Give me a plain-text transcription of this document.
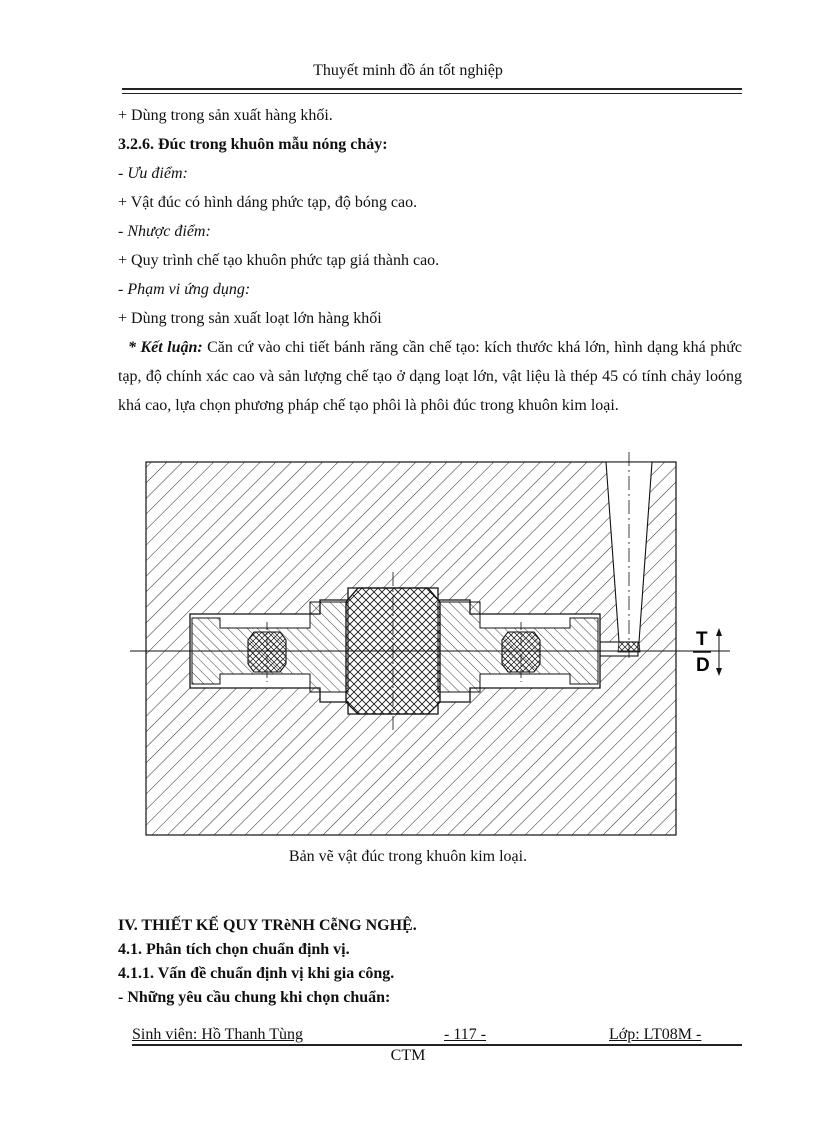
Thuyết minh đồ án tốt nghiệp
+ Dùng trong sản xuất hàng khối.
3.2.6. Đúc trong khuôn mẫu nóng chảy:
- Ưu điểm:
+ Vật đúc có hình dáng phức tạp, độ bóng cao.
- Nhược điểm:
+ Quy trình chế tạo khuôn phức tạp giá thành cao.
- Phạm vi ứng dụng:
+ Dùng trong sản xuất loạt lớn hàng khối
* Kết luận: Căn cứ vào chi tiết bánh răng cần chế tạo: kích thước khá lớn, hình dạng khá phức tạp, độ chính xác cao và sản lượng chế tạo ở dạng loạt lớn, vật liệu là thép 45 có tính chảy loóng khá cao, lựa chọn phương pháp chế tạo phôi là phôi đúc trong khuôn kim loại.
T
D
Bản vẽ vật đúc trong khuôn kim loại.
IV. THIẾT KẾ QUY TRèNH CễNG NGHỆ.
4.1. Phân tích chọn chuẩn định vị.
4.1.1. Vấn đề chuẩn định vị khi gia công.
- Những yêu cầu chung khi chọn chuẩn:
Sinh viên: Hồ Thanh Tùng	- 117 -	Lớp: LT08M -
CTM
